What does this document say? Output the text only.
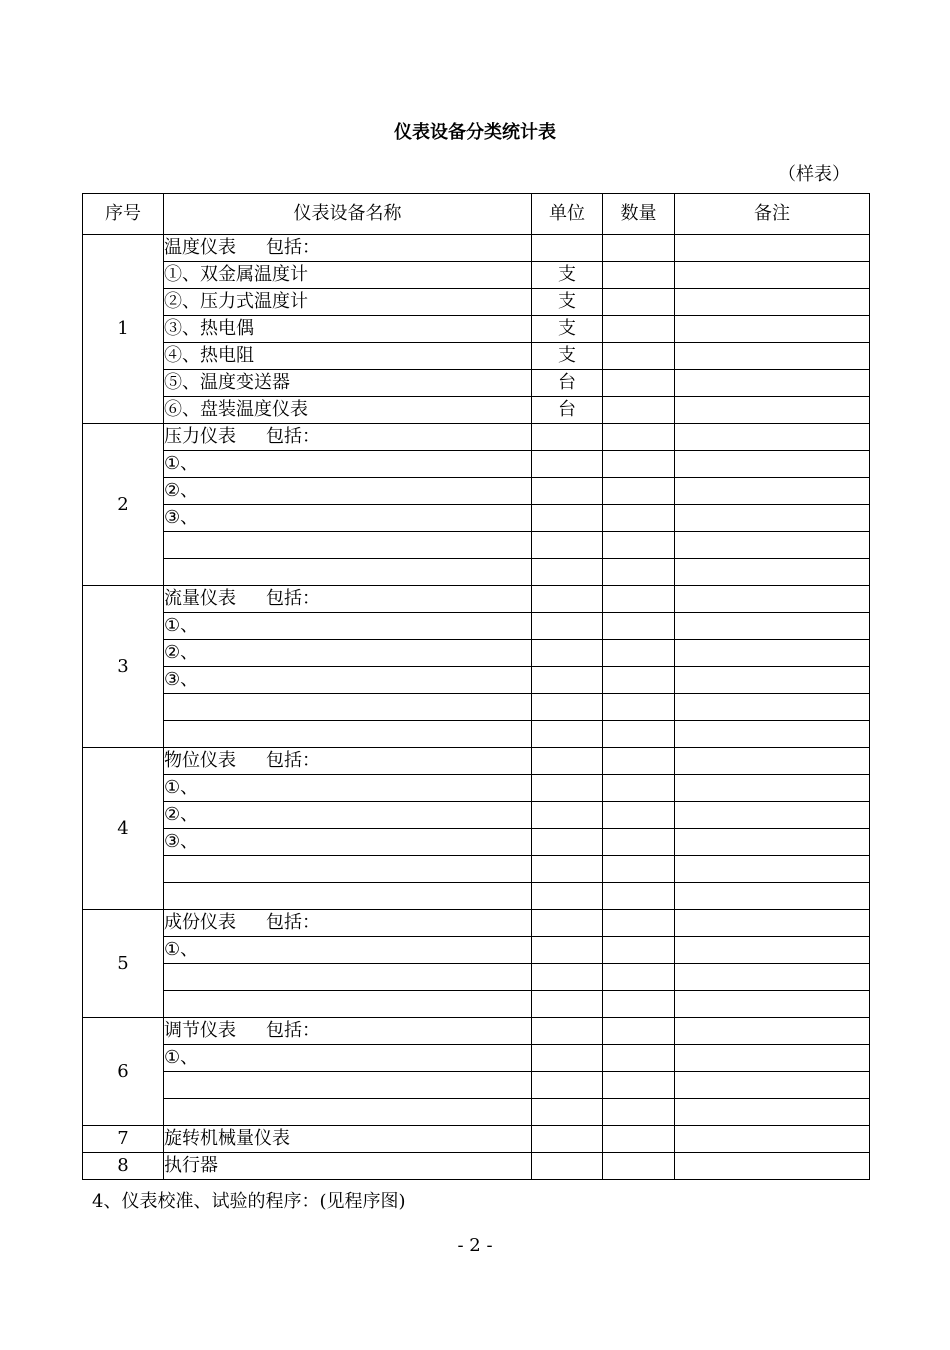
仪表设备分类统计表
（样表）
序号	仪表设备名称	单位	数量	备注
1	温度仪表 包括：			
	①、双金属温度计	支		
	②、压力式温度计	支		
	③、热电偶	支		
	④、热电阻	支		
	⑤、温度变送器	台		
	⑥、盘装温度仪表	台		
2	压力仪表 包括：			
	①、			
	②、			
	③、			

3	流量仪表 包括：			
	①、			
	②、			
	③、			

4	物位仪表 包括：			
	①、			
	②、			
	③、			

5	成份仪表 包括：			
	①、			

6	调节仪表 包括：			
	①、			

7	旋转机械量仪表			
8	执行器			
4、仪表校准、试验的程序：(见程序图)
- 2 -
